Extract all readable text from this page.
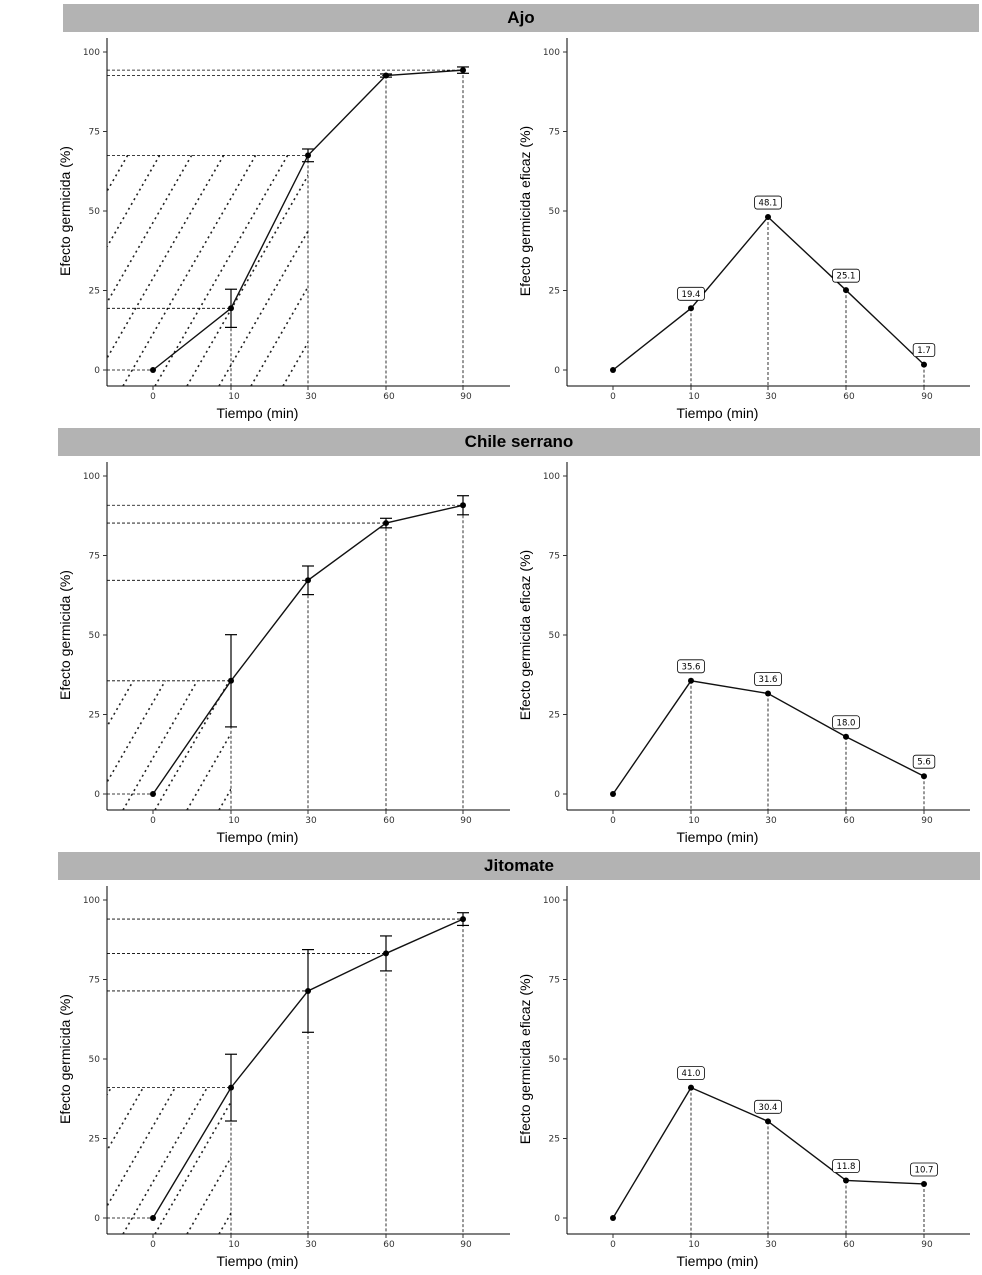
Ajo
Chile serrano
Jitomate
0
25
50
75
100
0	10	30	60	90
Tiempo (min)
Efecto germicida (%)
0
25
50
75
100
0	10	30	60	90
Tiempo (min)
Efecto germicida eficaz (%)	19.4
48.1
25.1
1.7
0
25
50
75
100
0	10	30	60	90
Tiempo (min)
Efecto germicida (%)
0
25
50
75
100
0	10	30	60	90
Tiempo (min)
Efecto germicida eficaz (%)	35.6
31.6
18.0
5.6
0
25
50
75
100
0	10	30	60	90
Tiempo (min)
Efecto germicida (%)
0
25
50
75
100
0	10	30	60	90
Tiempo (min)
Efecto germicida eficaz (%)	41.0
30.4
11.8	10.7
